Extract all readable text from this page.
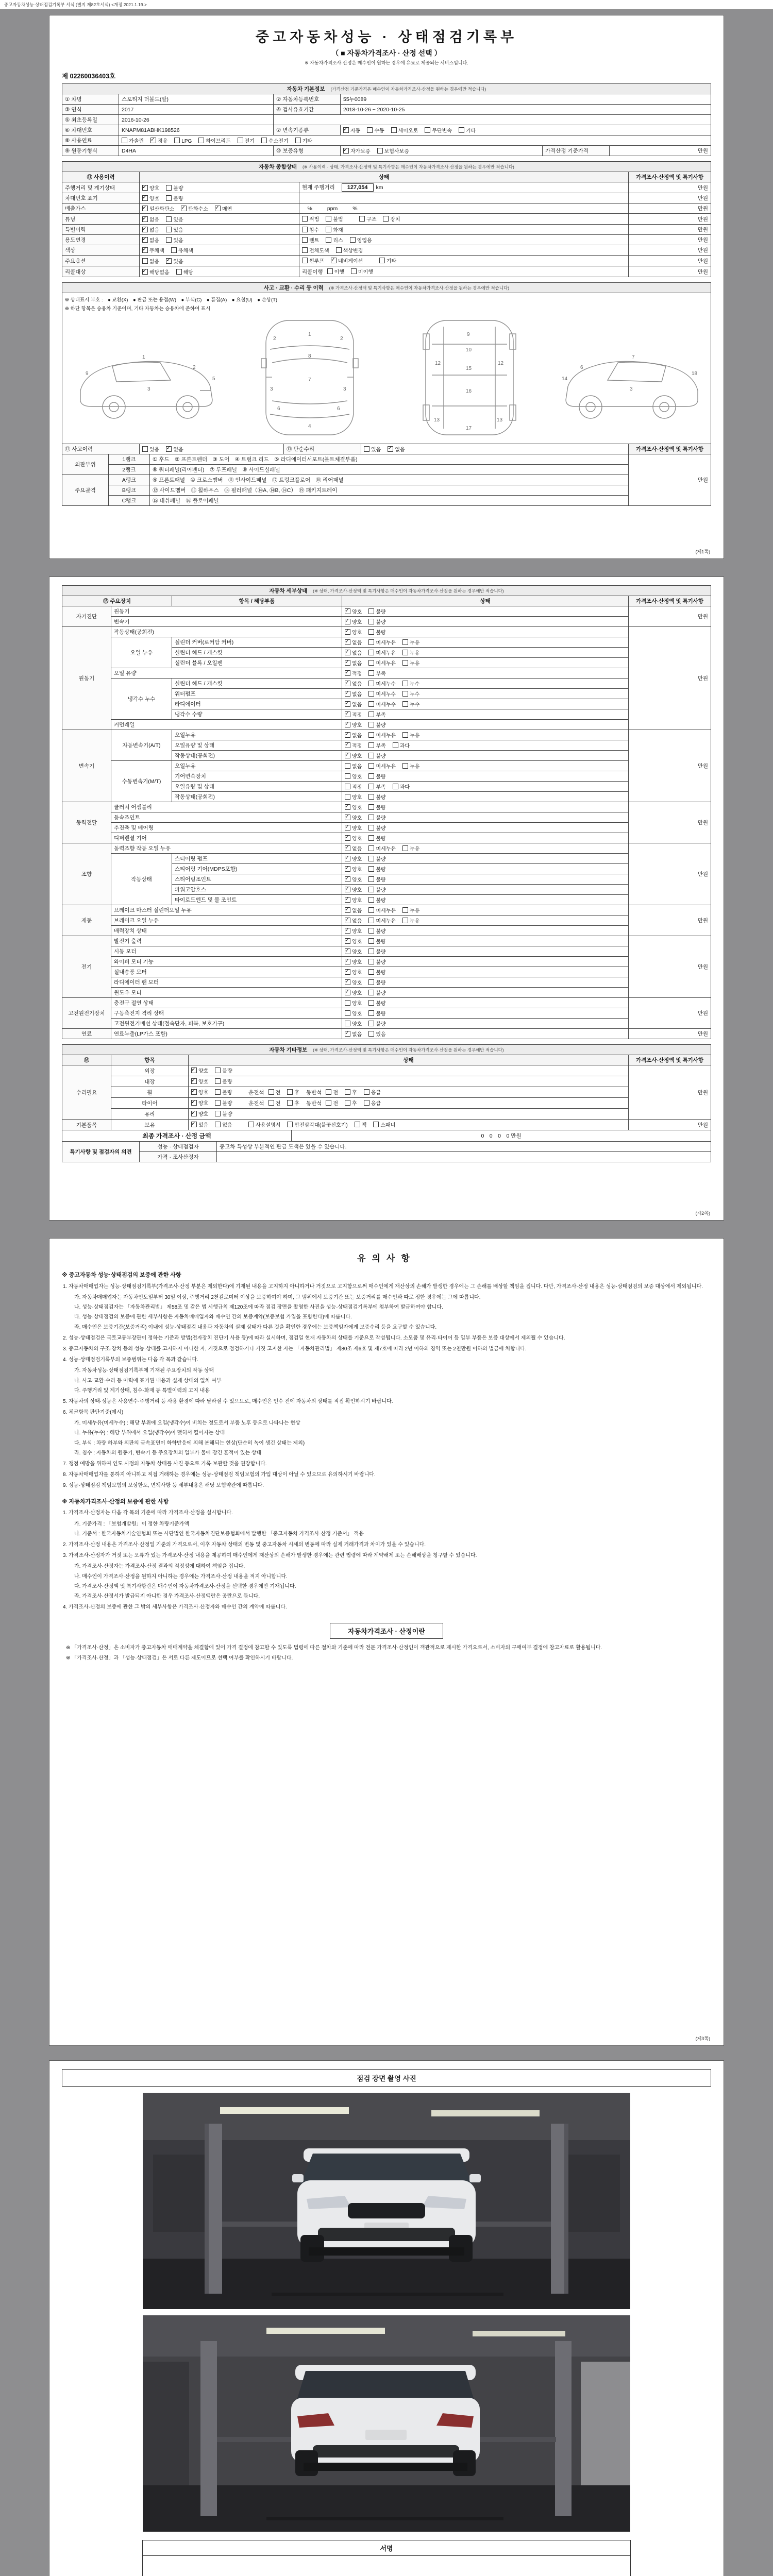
중고자동차성능·상태점검기록부 서식 (별지 제82호서식) <개정 2021.1.19.>
중고자동차성능 · 상태점검기록부
（ ■ 자동차가격조사 · 산정 선택 ）
※ 자동차가격조사·산정은 매수인이 원하는 경우에 유료로 제공되는 서비스입니다.
제 02260036403호
자동차 기본정보 (가격산정 기준가격은 매수인이 자동차가격조사·산정을 원하는 경우에만 적습니다)
① 차명	스포티지 더볼드(알)	② 자동차등록번호	55누0089		
③ 연식	2017	④ 검사유효기간	2018-10-26 ~ 2020-10-25		
⑤ 최초등록일	2016-10-26				
⑥ 차대번호	KNAPM81ABHK198526	⑦ 변속기종류	✓자동 수동 세미오토 무단변속 기타
⑧ 사용연료	가솔린 ✓ 경유 LPG 하이브리드 전기 수소전기 기타
⑨ 원동기형식	D4HA	⑩ 보증유형	✓자가보증 보험사보증	가격산정 기준가격	만원
자동차 종합상태 (※ 사용이력 · 상태, 가격조사·산정액 및 특기사항은 매수인이 자동차가격조사·산정을 원하는 경우에만 적습니다)
⑪ 사용이력	상태		가격조사·산정액 및 특기사항
주행거리 및 계기상태	✓양호 불량	현재 주행거리 127,054 km	만원
차대번호 표기	✓양호 불량		만원
배출가스	✓일산화탄소 ✓ 탄화수소 ✓ 매연	　%　　ppm　　%	만원
튜닝	✓없음 있음	적법 불법　 구조 장치	만원
특별이력	✓없음 있음	침수 화재	만원
용도변경	✓없음 있음	렌트 리스 영업용	만원
색상	✓무채색 유채색	전체도색 색상변경	만원
주요옵션	없음 ✓ 있음	썬루프 ✓ 네비게이션　 기타	만원
리콜대상	✓해당없음 해당	리콜이행 이행 미이행	만원
사고 · 교환 · 수리 등 이력 (※ 가격조사·산정액 및 특기사항은 매수인이 자동차가격조사·산정을 원하는 경우에만 적습니다)
※ 상태표시 부호 :　● 교환(X)　● 판금 또는 용접(W)　● 부식(C)　● 흠집(A)　● 요철(U)　● 손상(T)
※ 하단 항목은 승용차 기준이며, 기타 자동차는 승용차에 준하여 표시
1
2
3
9
5
1
7
4
3	3
2	2
6	6
8
9
12	12
15
16
13	13
17
10
7
6
3
18
14
⑫ 사고이력	있음 ✓	없음	⑬ 단순수리	있음 ✓	없음	가격조사·산정액 및 특기사항
외판부위	1랭크	① 후드　② 프론트펜더　③ 도어　④ 트렁크 리드　⑤ 라디에이터서포트(볼트체결부품)	만원
	2랭크	⑥ 쿼터패널(리어펜더)　⑦ 루프패널　⑧ 사이드실패널	
주요골격	A랭크	⑨ 프론트패널　⑩ 크로스멤버　⑪ 인사이드패널　⑰ 트렁크플로어　⑱ 리어패널	
	B랭크	⑫ 사이드멤버　⑬ 휠하우스　⑭ 필러패널（⑭A, ⑭B, ⑭C）　⑲ 패키지트레이	
	C랭크	⑮ 대쉬패널　⑯ 플로어패널	
(제1쪽)
자동차 세부상태 (※ 상태, 가격조사·산정액 및 특기사항은 매수인이 자동차가격조사·산정을 원하는 경우에만 적습니다)
⑮ 주요장치		항목 / 해당부품	상태	가격조사·산정액 및 특기사항
자기진단	원동기	✓양호 불량	만원
	변속기	✓양호 불량
원동기	작동상태(공회전)	✓양호 불량	만원
	오일 누유	실린더 커버(로커암 커버)	✓없음 미세누유 누유
		실린더 헤드 / 개스킷	✓없음 미세누유 누유
		실린더 블록 / 오일팬	✓없음 미세누유 누유
	오일 유량	✓적정 부족
	냉각수 누수	실린더 헤드 / 개스킷	✓없음 미세누수 누수
		워터펌프	✓없음 미세누수 누수
		라디에이터	✓없음 미세누수 누수
		냉각수 수량	✓적정 부족
	커먼레일	✓양호 불량
변속기	자동변속기(A/T)	오일누유	✓없음 미세누유 누유	만원
		오일유량 및 상태	✓적정 부족 과다
		작동상태(공회전)	✓양호 불량
	수동변속기(M/T)	오일누유	없음 미세누유 누유	
		기어변속장치	양호 불량	
		오일유량 및 상태	적정 부족 과다	
		작동상태(공회전)	양호 불량	
동력전달	클러치 어셈블리	✓양호 불량	만원
	등속조인트	✓양호 불량
	추진축 및 베어링	✓양호 불량
	디퍼렌셜 기어	✓양호 불량
조향	동력조향 작동 오일 누유	✓없음 미세누유 누유	만원
	작동상태	스티어링 펌프	✓양호 불량
		스티어링 기어(MDPS포함)	✓양호 불량
		스티어링조인트	✓양호 불량
		파워고압호스	✓양호 불량
		타이로드엔드 및 볼 조인트	✓양호 불량
제동	브레이크 마스터 실린더오일 누유	✓없음 미세누유 누유	만원
	브레이크 오일 누유	✓없음 미세누유 누유
	배력장치 상태	✓양호 불량
전기	발전기 출력	✓양호 불량	만원
	시동 모터	✓양호 불량
	와이퍼 모터 기능	✓양호 불량
	실내송풍 모터	✓양호 불량
	라디에이터 팬 모터	✓양호 불량
	윈도우 모터	✓양호 불량
고전원전기장치	충전구 절연 상태		양호 불량	만원
	구동축전지 격리 상태		양호 불량	
	고전원전기배선 상태(접속단자, 피복, 보호기구)		양호 불량	
연료	연료누출(LP가스 포함)	✓없음 있음	만원
자동차 기타정보 (※ 상태, 가격조사·산정액 및 특기사항은 매수인이 자동차가격조사·산정을 원하는 경우에만 적습니다)
⑯	항목	상태	가격조사·산정액 및 특기사항
수리필요	외장	✓양호 불량　	만원
	내장	✓양호 불량　
	휠	✓양호 불량　 운전석 전 후 동반석 전 후 응급
	타이어	✓양호 불량　 운전석 전 후 동반석 전 후 응급
	유리	✓양호 불량　
기본품목	보유	✓있음 없음　 사용설명서 안전삼각대(불꽃신호기) 잭 스패너	만원
최종 가격조사 · 산정 금액	0　0　0　0 만원
특기사항 및 점검자의 의견	성능 · 상태점검자	중고차 특성상 부분적인 판금 도색은 있을 수 있습니다.
	가격 · 조사산정자	
(제2쪽)
유의사항
※ 중고자동차 성능·상태점검의 보증에 관한 사항
1. 자동차매매업자는 성능·상태점검기록부(가격조사·산정 부분은 제외한다)에 기재된 내용을 고지하지 아니하거나 거짓으로 고지함으로써 매수인에게 재산상의 손해가 발생한 경우에는 그 손해를 배상할 책임을 집니다. 다만, 가격조사·산정 내용은 성능·상태점검의 보증 대상에서 제외됩니다.
가. 자동차매매업자는 자동차인도일부터 30일 이상, 주행거리 2천킬로미터 이상을 보증하여야 하며, 그 범위에서 보증기간 또는 보증거리를 매수인과 따로 정한 경우에는 그에 따릅니다.
나. 성능·상태점검자는 「자동차관리법」 제58조 및 같은 법 시행규칙 제120조에 따라 점검 장면을 촬영한 사진을 성능·상태점검기록부에 첨부하여 발급하여야 합니다.
다. 성능·상태점검의 보증에 관한 세부사항은 자동차매매업자와 매수인 간의 보증계약(보증보험 가입을 포함한다)에 따릅니다.
라. 매수인은 보증기간(보증거리) 이내에 성능·상태점검 내용과 자동차의 실제 상태가 다른 것을 확인한 경우에는 보증책임자에게 보증수리 등을 요구할 수 있습니다.
2. 성능·상태점검은 국토교통부장관이 정하는 기준과 방법(전자장치 진단기 사용 등)에 따라 실시하며, 점검일 현재 자동차의 상태를 기준으로 작성됩니다. 소모품 및 유리·타이어 등 일부 부품은 보증 대상에서 제외될 수 있습니다.
3. 중고자동차의 구조·장치 등의 성능·상태를 고지하지 아니한 자, 거짓으로 점검하거나 거짓 고지한 자는 「자동차관리법」 제80조 제6호 및 제7호에 따라 2년 이하의 징역 또는 2천만원 이하의 벌금에 처합니다.
4. 성능·상태점검기록부의 보증범위는 다음 각 목과 같습니다.
가. 자동차성능·상태점검기록부에 기재된 주요장치의 작동 상태
나. 사고·교환·수리 등 이력에 표기된 내용과 실제 상태의 일치 여부
다. 주행거리 및 계기상태, 침수·화재 등 특별이력의 고지 내용
5. 자동차의 상태·성능은 사용연수·주행거리 등 사용 환경에 따라 달라질 수 있으므로, 매수인은 인수 전에 자동차의 상태를 직접 확인하시기 바랍니다.
6. 체크항목 판단기준(예시)
가. 미세누유(미세누수) : 해당 부위에 오일(냉각수)이 비치는 정도로서 부품 노후 등으로 나타나는 현상
나. 누유(누수) : 해당 부위에서 오일(냉각수)이 맺혀서 떨어지는 상태
다. 부식 : 차량 하부와 외판의 금속표면이 화학반응에 의해 분해되는 현상(단순히 녹이 생긴 상태는 제외)
라. 침수 : 자동차의 원동기, 변속기 등 주요장치의 일부가 물에 잠긴 흔적이 있는 상태
7. 쟁점 예방을 위하여 인도 시점의 자동차 상태를 사진 등으로 기록·보관할 것을 권장합니다.
8. 자동차매매업자를 통하지 아니하고 직접 거래하는 경우에는 성능·상태점검 책임보험의 가입 대상이 아닐 수 있으므로 유의하시기 바랍니다.
9. 성능·상태점검 책임보험의 보상한도, 면책사항 등 세부내용은 해당 보험약관에 따릅니다.
※ 자동차가격조사·산정의 보증에 관한 사항
1. 가격조사·산정자는 다음 각 목의 기준에 따라 가격조사·산정을 실시합니다.
가. 기준가격 : 「보험개발원」이 정한 차량기준가액
나. 기준서 : 한국자동차기술인협회 또는 사단법인 한국자동차진단보증협회에서 발행한 「중고자동차 가격조사·산정 기준서」 적용
2. 가격조사·산정 내용은 가격조사·산정일 기준의 가격으로서, 이후 자동차 상태의 변동 및 중고자동차 시세의 변동에 따라 실제 거래가격과 차이가 있을 수 있습니다.
3. 가격조사·산정자가 거짓 또는 오류가 있는 가격조사·산정 내용을 제공하여 매수인에게 재산상의 손해가 발생한 경우에는 관련 법령에 따라 계약해제 또는 손해배상을 청구할 수 있습니다.
가. 가격조사·산정자는 가격조사·산정 결과의 적정성에 대하여 책임을 집니다.
나. 매수인이 가격조사·산정을 원하지 아니하는 경우에는 가격조사·산정 내용을 적지 아니합니다.
다. 가격조사·산정액 및 특기사항란은 매수인이 자동차가격조사·산정을 선택한 경우에만 기재됩니다.
라. 가격조사·산정서가 발급되지 아니한 경우 가격조사·산정액란은 공란으로 둡니다.
4. 가격조사·산정의 보증에 관한 그 밖의 세부사항은 가격조사·산정자와 매수인 간의 계약에 따릅니다.
자동차가격조사 · 산정이란
※ 「가격조사·산정」은 소비자가 중고자동차 매매계약을 체결함에 있어 가격 결정에 참고할 수 있도록 법령에 따른 절차와 기준에 따라 전문 가격조사·산정인이 객관적으로 제시한 가격으로서, 소비자의 구매여부 결정에 참고자료로 활용됩니다.
※ 「가격조사·산정」과 「성능·상태점검」은 서로 다른 제도이므로 선택 여부를 확인하시기 바랍니다.
(제3쪽)
점검 장면 촬영 사진
서명
